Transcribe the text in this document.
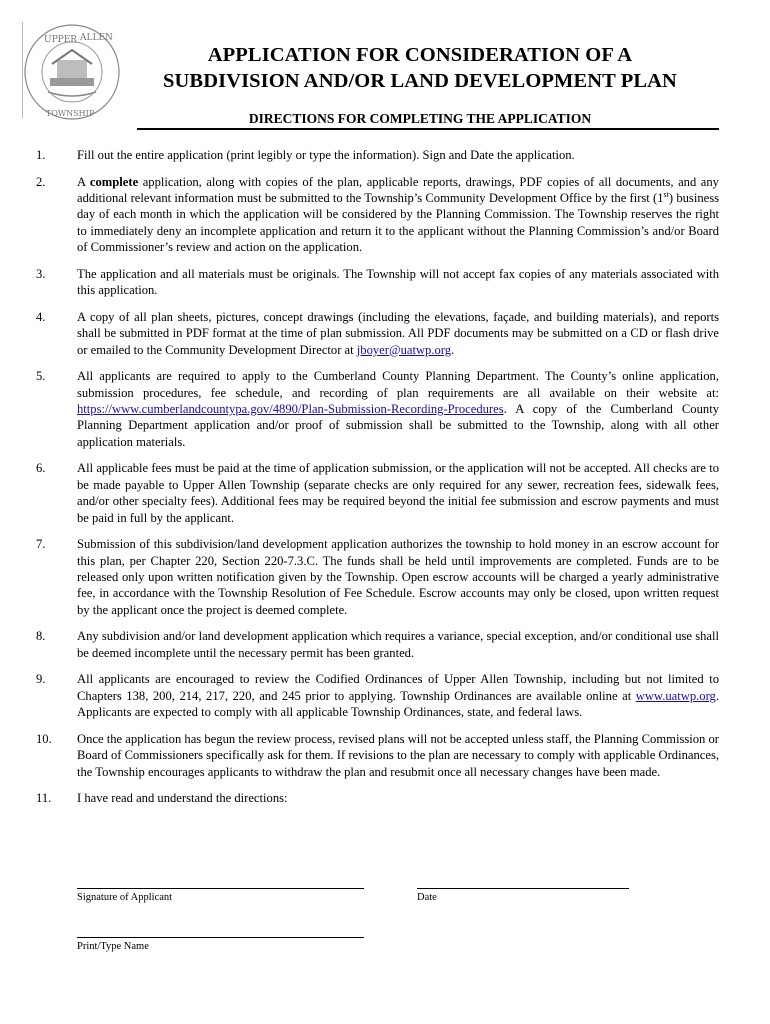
UPPER ALLEN
TOWNSHIP
APPLICATION FOR CONSIDERATION OF A
SUBDIVISION AND/OR LAND DEVELOPMENT PLAN
DIRECTIONS FOR COMPLETING THE APPLICATION
1.	Fill out the entire application (print legibly or type the information). Sign and Date the application.
2.	A complete application, along with copies of the plan, applicable reports, drawings, PDF copies of all documents, and any additional relevant information must be submitted to the Township’s Community Development Office by the first (1st) business day of each month in which the application will be considered by the Planning Commission. The Township reserves the right to immediately deny an incomplete application and return it to the applicant without the Planning Commission’s and/or Board of Commissioner’s review and action on the application.
3.	The application and all materials must be originals. The Township will not accept fax copies of any materials associated with this application.
4.	A copy of all plan sheets, pictures, concept drawings (including the elevations, façade, and building materials), and reports shall be submitted in PDF format at the time of plan submission. All PDF documents may be submitted on a CD or flash drive or emailed to the Community Development Director at jboyer@uatwp.org.
5.	All applicants are required to apply to the Cumberland County Planning Department. The County’s online application, submission procedures, fee schedule, and recording of plan requirements are all available on their website at: https://www.cumberlandcountypa.gov/4890/Plan-Submission-Recording-Procedures. A copy of the Cumberland County Planning Department application and/or proof of submission shall be submitted to the Township, along with all other application materials.
6.	All applicable fees must be paid at the time of application submission, or the application will not be accepted. All checks are to be made payable to Upper Allen Township (separate checks are only required for any sewer, recreation fees, sidewalk fees, and/or other specialty fees). Additional fees may be required beyond the initial fee submission and escrow payments and must be paid in full by the applicant.
7.	Submission of this subdivision/land development application authorizes the township to hold money in an escrow account for this plan, per Chapter 220, Section 220-7.3.C. The funds shall be held until improvements are completed. Funds are to be released only upon written notification given by the Township. Open escrow accounts will be charged a yearly administrative fee, in accordance with the Township Resolution of Fee Schedule. Escrow accounts may only be closed, upon written request by the applicant once the project is deemed complete.
8.	Any subdivision and/or land development application which requires a variance, special exception, and/or conditional use shall be deemed incomplete until the necessary permit has been granted.
9.	All applicants are encouraged to review the Codified Ordinances of Upper Allen Township, including but not limited to Chapters 138, 200, 214, 217, 220, and 245 prior to applying. Township Ordinances are available online at www.uatwp.org. Applicants are expected to comply with all applicable Township Ordinances, state, and federal laws.
10. Once the application has begun the review process, revised plans will not be accepted unless staff, the Planning Commission or Board of Commissioners specifically ask for them. If revisions to the plan are necessary to comply with applicable Ordinances, the Township encourages applicants to withdraw the plan and resubmit once all necessary changes have been made.
11. I have read and understand the directions:
Signature of Applicant	Date
Print/Type Name
